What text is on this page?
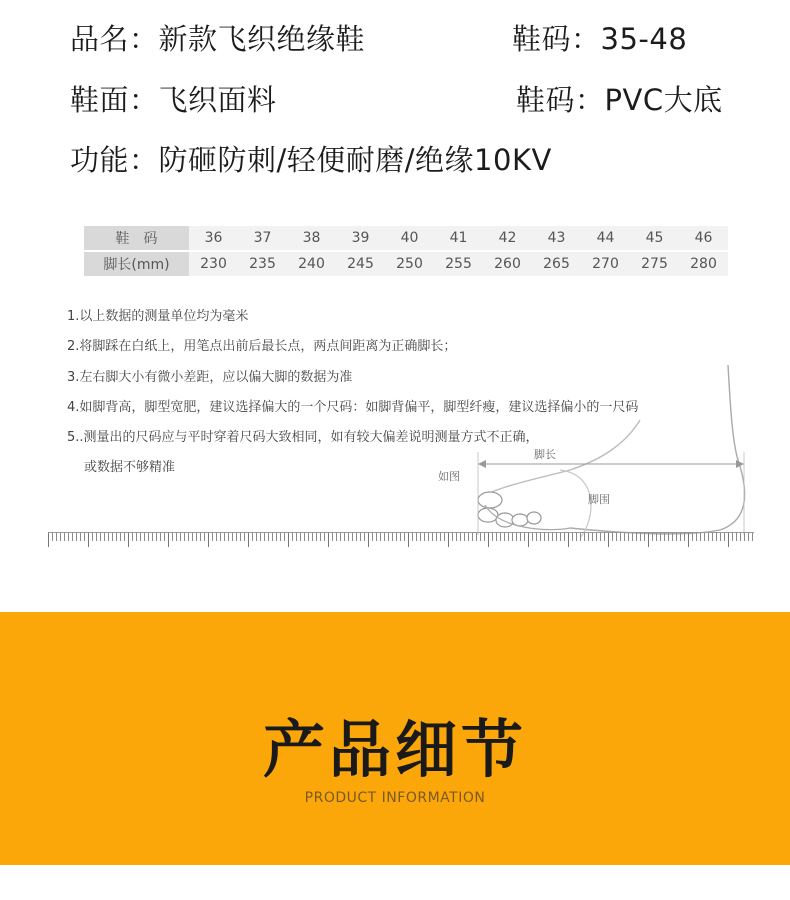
品名：新款飞织绝缘鞋	鞋码：35-48
鞋面：飞织面料	鞋码：PVC大底
功能：防砸防刺/轻便耐磨/绝缘10KV
鞋　码	36	37	38	39	40	41	42	43	44	45	46
脚长(mm)	230	235	240	245	250	255	260	265	270	275	280
脚长
如图
脚围
1.以上数据的测量单位均为毫米
2.将脚踩在白纸上，用笔点出前后最长点，两点间距离为正确脚长；
3.左右脚大小有微小差距，应以偏大脚的数据为准
4.如脚背高，脚型宽肥，建议选择偏大的一个尺码：如脚背偏平，脚型纤瘦，建议选择偏小的一尺码
5..测量出的尺码应与平时穿着尺码大致相同，如有较大偏差说明测量方式不正确，
或数据不够精准
产品细节
PRODUCT INFORMATION
